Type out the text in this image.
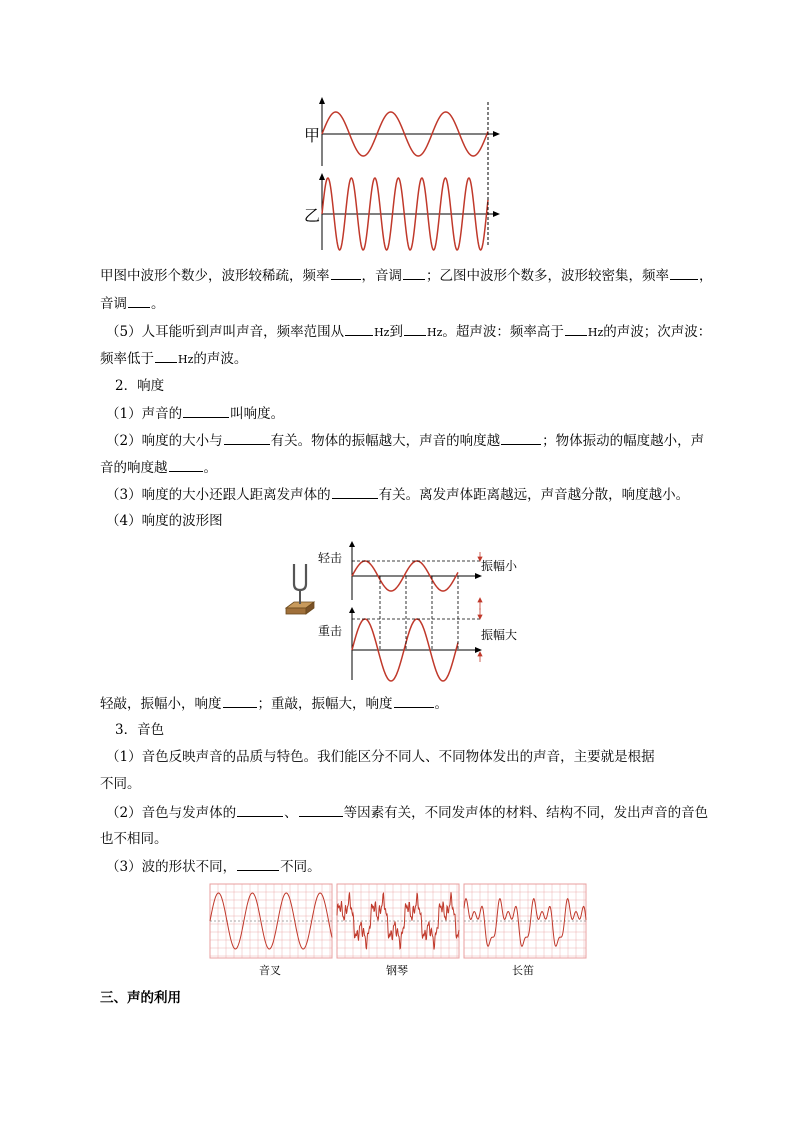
甲
乙
甲图中波形个数少，波形较稀疏，频率 ，音调 ；乙图中波形个数多，波形较密集，频率 ，
音调 。
（5）人耳能听到声叫声音，频率范围从	Hz到 Hz。超声波：频率高于 Hz的声波；次声波：
频率低于 Hz的声波。
2．响度
（1）声音的	叫响度。
（2）响度的大小与	有关。物体的振幅越大，声音的响度越	；物体振动的幅度越小，声
音的响度越	。
（3）响度的大小还跟人距离发声体的	有关。离发声体距离越远，声音越分散，响度越小。
（4）响度的波形图
轻击
重击
振幅小
振幅大
轻敲，振幅小，响度	；重敲，振幅大，响度	。
3．音色
（1）音色反映声音的品质与特色。我们能区分不同人、不同物体发出的声音，主要就是根据
不同。
（2）音色与发声体的	、	等因素有关，不同发声体的材料、结构不同，发出声音的音色
也不相同。
（3）波的形状不同，	不同。
音叉	钢琴	长笛
三、声的利用
